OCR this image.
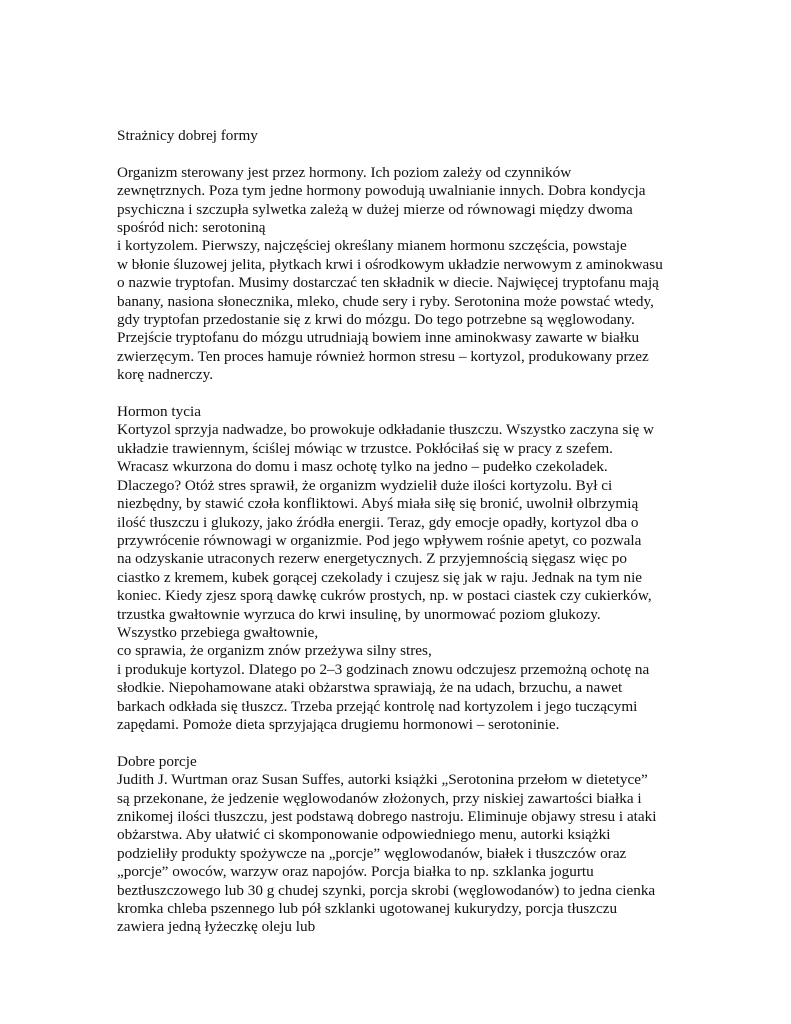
Strażnicy dobrej formy
Organizm sterowany jest przez hormony. Ich poziom zależy od czynników
zewnętrznych. Poza tym jedne hormony powodują uwalnianie innych. Dobra kondycja
psychiczna i szczupła sylwetka zależą w dużej mierze od równowagi między dwoma
spośród nich: serotoniną
i kortyzolem. Pierwszy, najczęściej określany mianem hormonu szczęścia, powstaje
w błonie śluzowej jelita, płytkach krwi i ośrodkowym układzie nerwowym z aminokwasu
o nazwie tryptofan. Musimy dostarczać ten składnik w diecie. Najwięcej tryptofanu mają
banany, nasiona słonecznika, mleko, chude sery i ryby. Serotonina może powstać wtedy,
gdy tryptofan przedostanie się z krwi do mózgu. Do tego potrzebne są węglowodany.
Przejście tryptofanu do mózgu utrudniają bowiem inne aminokwasy zawarte w białku
zwierzęcym. Ten proces hamuje również hormon stresu – kortyzol, produkowany przez
korę nadnerczy.
Hormon tycia
Kortyzol sprzyja nadwadze, bo prowokuje odkładanie tłuszczu. Wszystko zaczyna się w
układzie trawiennym, ściślej mówiąc w trzustce. Pokłóciłaś się w pracy z szefem.
Wracasz wkurzona do domu i masz ochotę tylko na jedno – pudełko czekoladek.
Dlaczego? Otóż stres sprawił, że organizm wydzielił duże ilości kortyzolu. Był ci
niezbędny, by stawić czoła konfliktowi. Abyś miała siłę się bronić, uwolnił olbrzymią
ilość tłuszczu i glukozy, jako źródła energii. Teraz, gdy emocje opadły, kortyzol dba o
przywrócenie równowagi w organizmie. Pod jego wpływem rośnie apetyt, co pozwala
na odzyskanie utraconych rezerw energetycznych. Z przyjemnością sięgasz więc po
ciastko z kremem, kubek gorącej czekolady i czujesz się jak w raju. Jednak na tym nie
koniec. Kiedy zjesz sporą dawkę cukrów prostych, np. w postaci ciastek czy cukierków,
trzustka gwałtownie wyrzuca do krwi insulinę, by unormować poziom glukozy.
Wszystko przebiega gwałtownie,
co sprawia, że organizm znów przeżywa silny stres,
i produkuje kortyzol. Dlatego po 2–3 godzinach znowu odczujesz przemożną ochotę na
słodkie. Niepohamowane ataki obżarstwa sprawiają, że na udach, brzuchu, a nawet
barkach odkłada się tłuszcz. Trzeba przejąć kontrolę nad kortyzolem i jego tuczącymi
zapędami. Pomoże dieta sprzyjająca drugiemu hormonowi – serotoninie.
Dobre porcje
Judith J. Wurtman oraz Susan Suffes, autorki książki „Serotonina przełom w dietetyce”
są przekonane, że jedzenie węglowodanów złożonych, przy niskiej zawartości białka i
znikomej ilości tłuszczu, jest podstawą dobrego nastroju. Eliminuje objawy stresu i ataki
obżarstwa. Aby ułatwić ci skomponowanie odpowiedniego menu, autorki książki
podzieliły produkty spożywcze na „porcje” węglowodanów, białek i tłuszczów oraz
„porcje” owoców, warzyw oraz napojów. Porcja białka to np. szklanka jogurtu
beztłuszczowego lub 30 g chudej szynki, porcja skrobi (węglowodanów) to jedna cienka
kromka chleba pszennego lub pół szklanki ugotowanej kukurydzy, porcja tłuszczu
zawiera jedną łyżeczkę oleju lub
